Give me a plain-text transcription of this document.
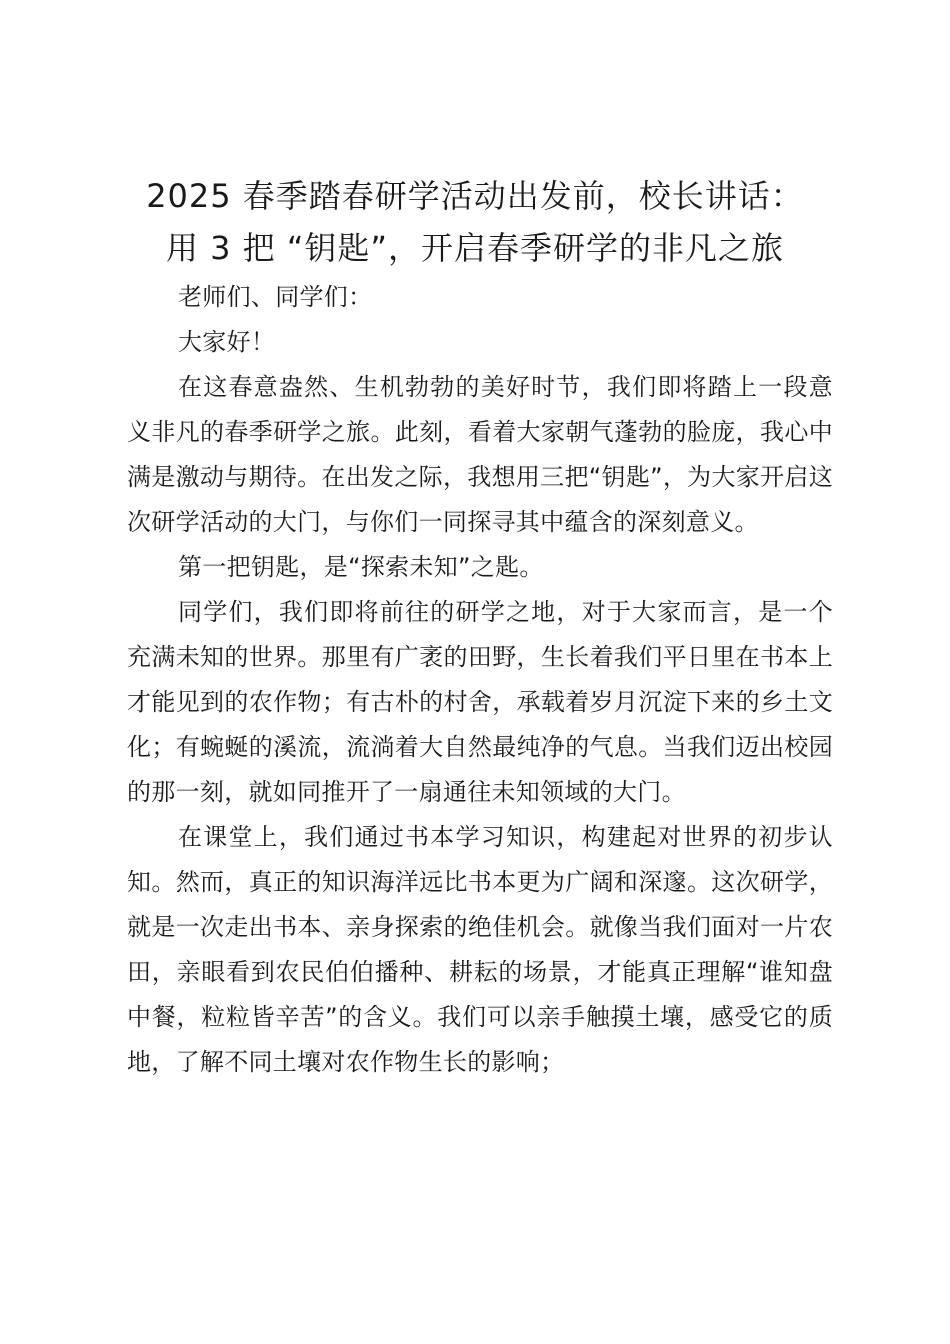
2025 春季踏春研学活动出发前，校长讲话：
用 3 把 “钥匙”，开启春季研学的非凡之旅

老师们、同学们：

大家好！

在这春意盎然、生机勃勃的美好时节，我们即将踏上一段意义非凡的春季研学之旅。此刻，看着大家朝气蓬勃的脸庞，我心中满是激动与期待。在出发之际，我想用三把“钥匙”，为大家开启这次研学活动的大门，与你们一同探寻其中蕴含的深刻意义。

第一把钥匙，是“探索未知”之匙。

同学们，我们即将前往的研学之地，对于大家而言，是一个充满未知的世界。那里有广袤的田野，生长着我们平日里在书本上才能见到的农作物；有古朴的村舍，承载着岁月沉淀下来的乡土文化；有蜿蜒的溪流，流淌着大自然最纯净的气息。当我们迈出校园的那一刻，就如同推开了一扇通往未知领域的大门。

在课堂上，我们通过书本学习知识，构建起对世界的初步认知。然而，真正的知识海洋远比书本更为广阔和深邃。这次研学，就是一次走出书本、亲身探索的绝佳机会。就像当我们面对一片农田，亲眼看到农民伯伯播种、耕耘的场景，才能真正理解“谁知盘中餐，粒粒皆辛苦”的含义。我们可以亲手触摸土壤，感受它的质地，了解不同土壤对农作物生长的影响；
